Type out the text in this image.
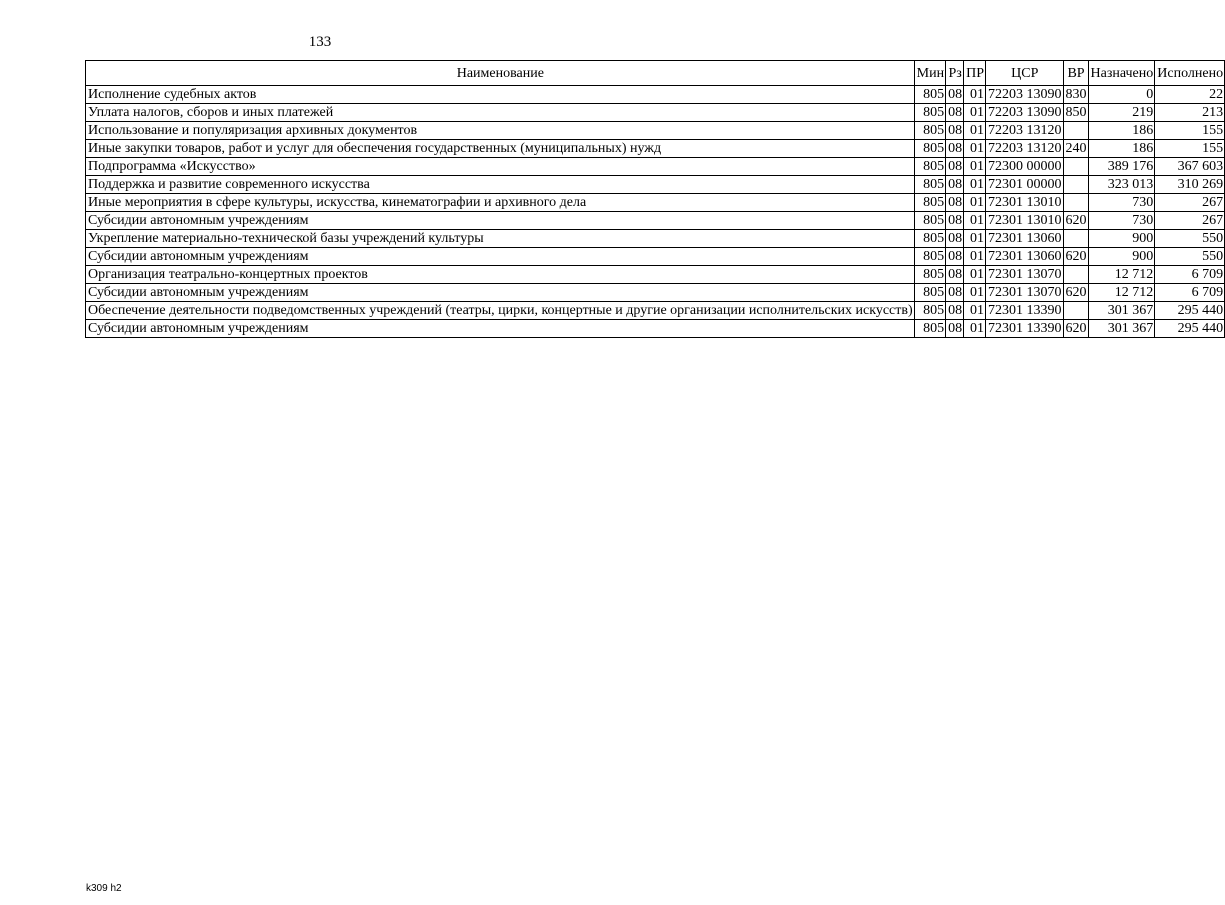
133
Наименование	Мин	Рз	ПР	ЦСР	ВР	Назначено	Исполнено
Исполнение судебных актов	805	08	01	72203 13090	830	0	22
Уплата налогов, сборов и иных платежей	805	08	01	72203 13090	850	219	213
Использование и популяризация архивных документов	805	08	01	72203 13120		186	155
Иные закупки товаров, работ и услуг для обеспечения государственных (муниципальных) нужд	805	08	01	72203 13120	240	186	155
Подпрограмма «Искусство»	805	08	01	72300 00000		389 176	367 603
Поддержка и развитие современного искусства	805	08	01	72301 00000		323 013	310 269
Иные мероприятия в сфере культуры, искусства, кинематографии и архивного дела	805	08	01	72301 13010		730	267
Субсидии автономным учреждениям	805	08	01	72301 13010	620	730	267
Укрепление материально-технической базы учреждений культуры	805	08	01	72301 13060		900	550
Субсидии автономным учреждениям	805	08	01	72301 13060	620	900	550
Организация театрально-концертных проектов	805	08	01	72301 13070		12 712	6 709
Субсидии автономным учреждениям	805	08	01	72301 13070	620	12 712	6 709
Обеспечение деятельности подведомственных учреждений (театры, цирки, концертные и другие организации исполнительских искусств)	805	08	01	72301 13390		301 367	295 440
Субсидии автономным учреждениям	805	08	01	72301 13390	620	301 367	295 440
k309 h2
